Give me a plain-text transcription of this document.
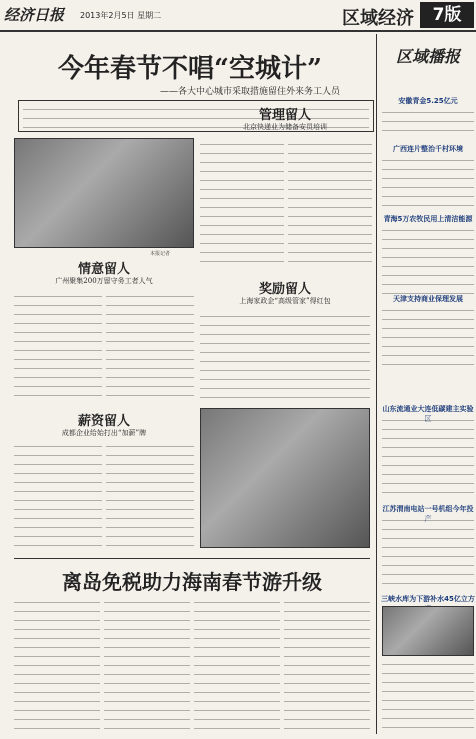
经济日报 2013年2月5日 星期二	区域经济	7版
今年春节不唱“空城计”
——各大中心城市采取措施留住外来务工人员
本报记者
管理留人
北京快递业为储备安员培训
情意留人
广州聚集200万留守务工者人气
奖励留人
上海家政企“高级管家”得红包
薪资留人
成都企业给始打出“加薪”牌
离岛免税助力海南春节游升级
区域播报
安徽青金5.25亿元
广西连片整治千村环境
青海5万农牧民用上清洁能源
天津支持商业保理发展
山东流通业大连低碳建主实验
江苏渭南电站一号机组今年投
三峡水库为下游补水45亿立方
